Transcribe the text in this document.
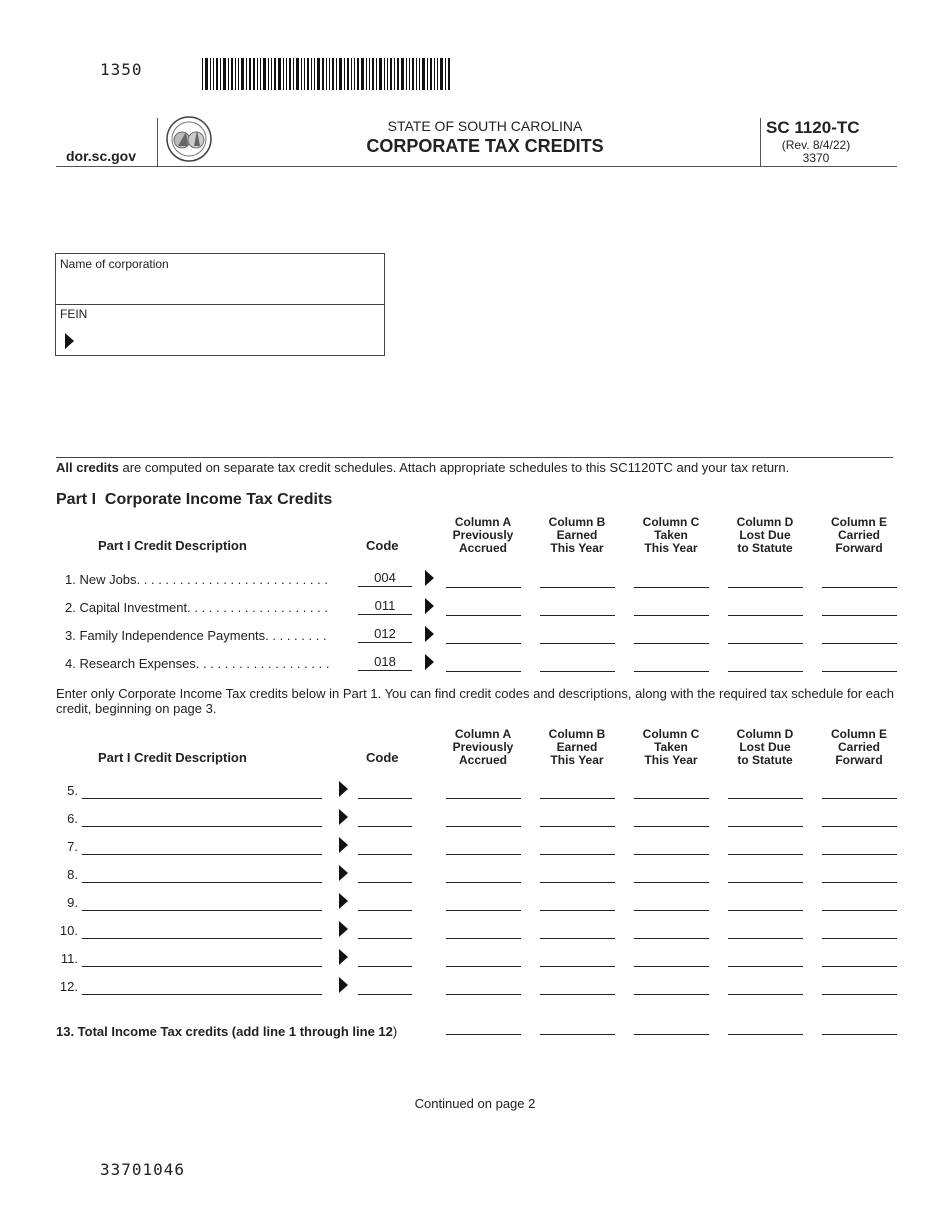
1350
dor.sc.gov
STATE OF SOUTH CAROLINA
CORPORATE TAX CREDITS
SC 1120-TC
(Rev. 8/4/22)
3370
Name of corporation
FEIN
All credits are computed on separate tax credit schedules. Attach appropriate schedules to this SC1120TC and your tax return.
Part I  Corporate Income Tax Credits
Part I Credit Description	Code
Column A
Previously
Accrued
Column B
Earned
This Year
Column C
Taken
This Year
Column D
Lost Due
to Statute
Column E
Carried
Forward
1. New Jobs. . . . . . . . . . . . . . . . . . . . . . . . . . .	004
2. Capital Investment. . . . . . . . . . . . . . . . . . . .	011
3. Family Independence Payments. . . . . . . . .	012
4. Research Expenses. . . . . . . . . . . . . . . . . . .	018
Enter only Corporate Income Tax credits below in Part 1. You can find credit codes and descriptions, along with the required tax schedule for each credit, beginning on page 3.
Part I Credit Description	Code
Column A
Previously
Accrued
Column B
Earned
This Year
Column C
Taken
This Year
Column D
Lost Due
to Statute
Column E
Carried
Forward
5.
6.
7.
8.
9.
10.
11.
12.
13. Total Income Tax credits (add line 1 through line 12)
Continued on page 2
33701046
